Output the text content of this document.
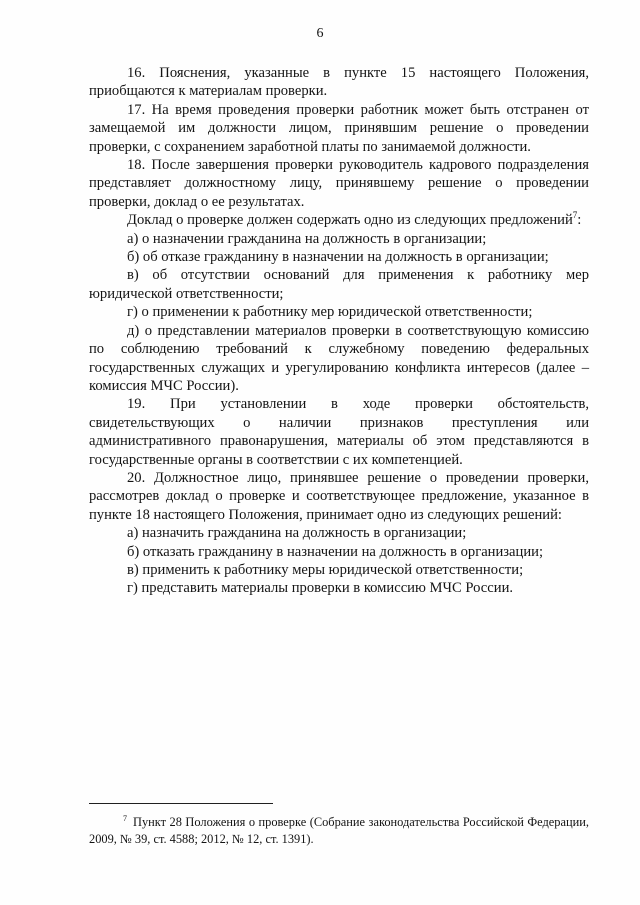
6

16. Пояснения, указанные в пункте 15 настоящего Положения, приобщаются к материалам проверки.

17. На время проведения проверки работник может быть отстранен от замещаемой им должности лицом, принявшим решение о проведении проверки, с сохранением заработной платы по занимаемой должности.

18. После завершения проверки руководитель кадрового подразделения представляет должностному лицу, принявшему решение о проведении проверки, доклад о ее результатах.

Доклад о проверке должен содержать одно из следующих предложений$^7$:

а) о назначении гражданина на должность в организации;

б) об отказе гражданину в назначении на должность в организации;

в) об отсутствии оснований для применения к работнику мер юридической ответственности;

г) о применении к работнику мер юридической ответственности;

д) о представлении материалов проверки в соответствующую комиссию по соблюдению требований к служебному поведению федеральных государственных служащих и урегулированию конфликта интересов (далее – комиссия МЧС России).

19. При установлении в ходе проверки обстоятельств, свидетельствующих о наличии признаков преступления или административного правонарушения, материалы об этом представляются в государственные органы в соответствии с их компетенцией.

20. Должностное лицо, принявшее решение о проведении проверки, рассмотрев доклад о проверке и соответствующее предложение, указанное в пункте 18 настоящего Положения, принимает одно из следующих решений:

а) назначить гражданина на должность в организации;

б) отказать гражданину в назначении на должность в организации;

в) применить к работнику меры юридической ответственности;

г) представить материалы проверки в комиссию МЧС России.

$^7$ Пункт 28 Положения о проверке (Собрание законодательства Российской Федерации, 2009, № 39, ст. 4588; 2012, № 12, ст. 1391).
